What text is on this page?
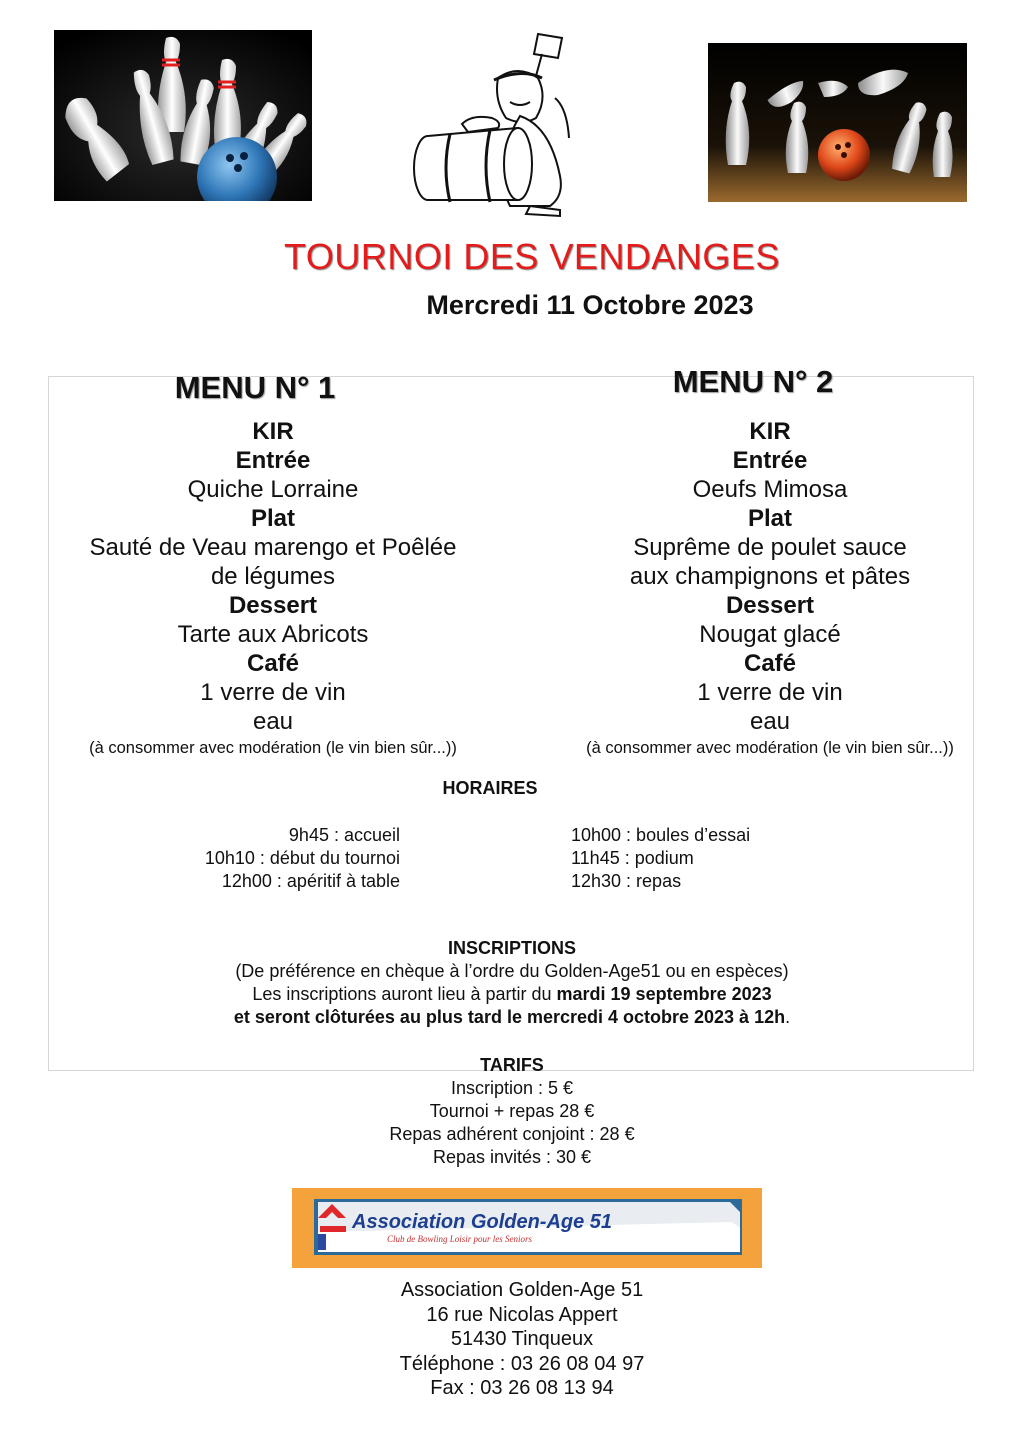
TOURNOI DES VENDANGES
Mercredi 11 Octobre 2023
MENU N° 1	MENU N° 2
KIR
Entrée
Quiche Lorraine
Plat
Sauté de Veau marengo et Poêlée
de légumes
Dessert
Tarte aux Abricots
Café
1 verre de vin
eau
(à consommer avec modération (le vin bien sûr...))
KIR
Entrée
Oeufs Mimosa
Plat
Suprême de poulet sauce
aux champignons et pâtes
Dessert
Nougat glacé
Café
1 verre de vin
eau
(à consommer avec modération (le vin bien sûr...))
HORAIRES
9h45 : accueil
10h10 : début du tournoi
12h00 : apéritif à table
10h00 : boules d’essai
11h45 : podium
12h30 : repas
INSCRIPTIONS
(De préférence en chèque à l’ordre du Golden-Age51 ou en espèces)
Les inscriptions auront lieu à partir du mardi 19 septembre 2023
et seront clôturées au plus tard le mercredi 4 octobre 2023 à 12h.
TARIFS
Inscription : 5 €
Tournoi + repas 28 €
Repas adhérent conjoint : 28 €
Repas invités : 30 €
Association Golden-Age 51
Club de Bowling Loisir pour les Seniors
Association Golden-Age 51
16 rue Nicolas Appert
51430 Tinqueux
Téléphone : 03 26 08 04 97
Fax : 03 26 08 13 94
